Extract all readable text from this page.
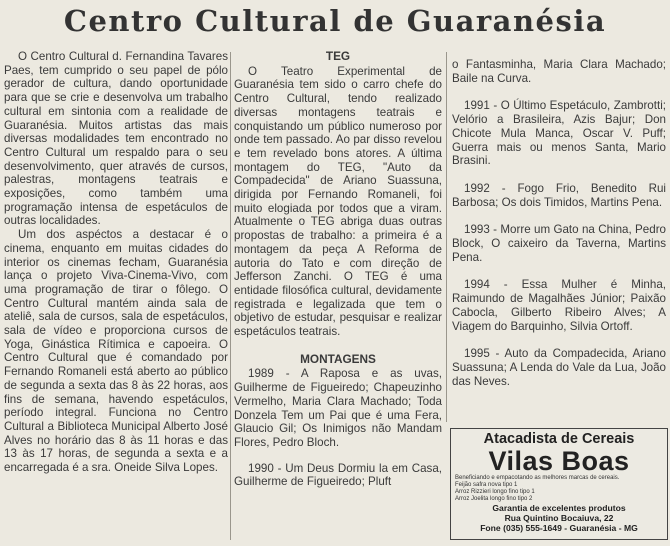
Centro Cultural de Guaranésia

O Centro Cultural d. Fernandina Tavares Paes, tem cumprido o seu papel de pólo gerador de cultura, dando oportunidade para que se crie e desenvolva um trabalho cultural em sintonia com a realidade de Guaranésia. Muitos artistas das mais diversas modalidades tem encontrado no Centro Cultural um respaldo para o seu desenvolvimento, quer através de cursos, palestras, montagens teatrais e exposições, como também uma programação intensa de espetáculos de outras localidades.

Um dos aspéctos a destacar é o cinema, enquanto em muitas cidades do interior os cinemas fecham, Guaranésia lança o projeto Viva-Cinema-Vivo, com uma programação de tirar o fôlego. O Centro Cultural mantém ainda sala de ateliê, sala de cursos, sala de espetáculos, sala de vídeo e proporciona cursos de Yoga, Ginástica Rítimica e capoeira. O Centro Cultural que é comandado por Fernando Romaneli está aberto ao público de segunda a sexta das 8 às 22 horas, aos fins de semana, havendo espetáculos, período integral. Funciona no Centro Cultural a Biblioteca Municipal Alberto José Alves no horário das 8 às 11 horas e das 13 às 17 horas, de segunda a sexta e a encarregada é a sra. Oneide Silva Lopes.

TEG

O Teatro Experimental de Guaranésia tem sido o carro chefe do Centro Cultural, tendo realizado diversas montagens teatrais e conquistando um público numeroso por onde tem passado. Ao par disso revelou e tem revelado bons atores. A última montagem do TEG, "Auto da Compadecida" de Ariano Suassuna, dirigida por Fernando Romaneli, foi muito elogiada por todos que a viram. Atualmente o TEG abriga duas outras propostas de trabalho: a primeira é a montagem da peça A Reforma de autoria do Tato e com direção de Jefferson Zanchi. O TEG é uma entidade filosófica cultural, devidamente registrada e legalizada que tem o objetivo de estudar, pesquisar e realizar espetáculos teatrais.

MONTAGENS

1989 - A Raposa e as uvas, Guilherme de Figueiredo; Chapeuzinho Vermelho, Maria Clara Machado; Toda Donzela Tem um Pai que é uma Fera, Glaucio Gil; Os Inimigos não Mandam Flores, Pedro Bloch.

1990 - Um Deus Dormiu la em Casa, Guilherme de Figueiredo; Pluft

o Fantasminha, Maria Clara Machado; Baile na Curva.

1991 - O Último Espetáculo, Zambrotti; Velório a Brasileira, Azis Bajur; Don Chicote Mula Manca, Oscar V. Puff; Guerra mais ou menos Santa, Mario Brasini.

1992 - Fogo Frio, Benedito Rui Barbosa; Os dois Timidos, Martins Pena.

1993 - Morre um Gato na China, Pedro Block, O caixeiro da Taverna, Martins Pena.

1994 - Essa Mulher é Minha, Raimundo de Magalhães Júnior; Paixão Cabocla, Gilberto Ribeiro Alves; A Viagem do Barquinho, Silvia Ortoff.

1995 - Auto da Compadecida, Ariano Suassuna; A Lenda do Vale da Lua, João das Neves.

Atacadista de Cereais
Vilas Boas
Beneficiando e empacotando as melhores marcas de cereais.
Feijão safra nova tipo 1
Arroz Rizzieri longo fino tipo 1
Arroz Joelita longo fino tipo 2
Garantia de excelentes produtos
Rua Quintino Bocaiuva, 22
Fone (035) 555-1649 - Guaranésia - MG
